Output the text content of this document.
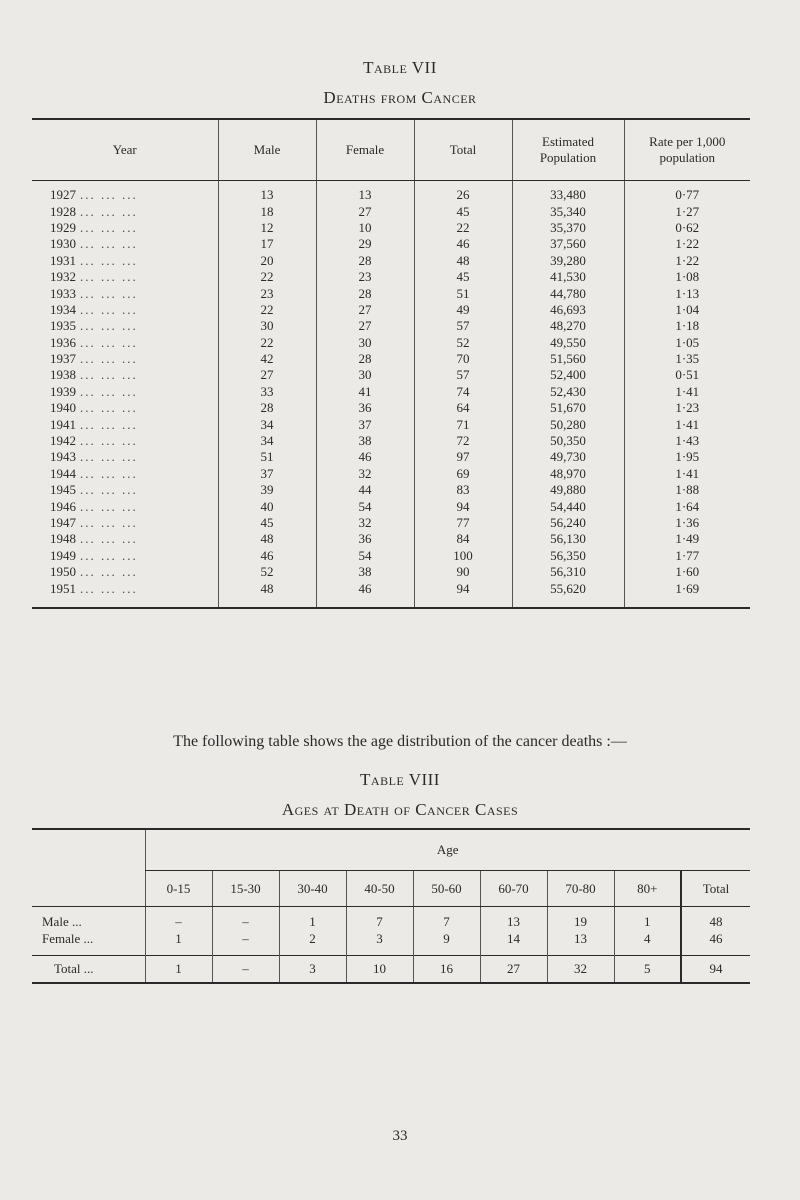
Table VII
Deaths from Cancer
Year	Male	Female	Total	Estimated Population	Rate per 1,000 population
1927 ... ... ...	13	13	26	33,480	0·77
1928 ... ... ...	18	27	45	35,340	1·27
1929 ... ... ...	12	10	22	35,370	0·62
1930 ... ... ...	17	29	46	37,560	1·22
1931 ... ... ...	20	28	48	39,280	1·22
1932 ... ... ...	22	23	45	41,530	1·08
1933 ... ... ...	23	28	51	44,780	1·13
1934 ... ... ...	22	27	49	46,693	1·04
1935 ... ... ...	30	27	57	48,270	1·18
1936 ... ... ...	22	30	52	49,550	1·05
1937 ... ... ...	42	28	70	51,560	1·35
1938 ... ... ...	27	30	57	52,400	0·51
1939 ... ... ...	33	41	74	52,430	1·41
1940 ... ... ...	28	36	64	51,670	1·23
1941 ... ... ...	34	37	71	50,280	1·41
1942 ... ... ...	34	38	72	50,350	1·43
1943 ... ... ...	51	46	97	49,730	1·95
1944 ... ... ...	37	32	69	48,970	1·41
1945 ... ... ...	39	44	83	49,880	1·88
1946 ... ... ...	40	54	94	54,440	1·64
1947 ... ... ...	45	32	77	56,240	1·36
1948 ... ... ...	48	36	84	56,130	1·49
1949 ... ... ...	46	54	100	56,350	1·77
1950 ... ... ...	52	38	90	56,310	1·60
1951 ... ... ...	48	46	94	55,620	1·69
The following table shows the age distribution of the cancer deaths :—
Table VIII
Ages at Death of Cancer Cases
	Age								
	0-15	15-30	30-40	40-50	50-60	60-70	70-80	80+	Total
Male ...	–	–	1	7	7	13	19	1	48
Female ...	1	–	2	3	9	14	13	4	46
Total ...	1	–	3	10	16	27	32	5	94
33
